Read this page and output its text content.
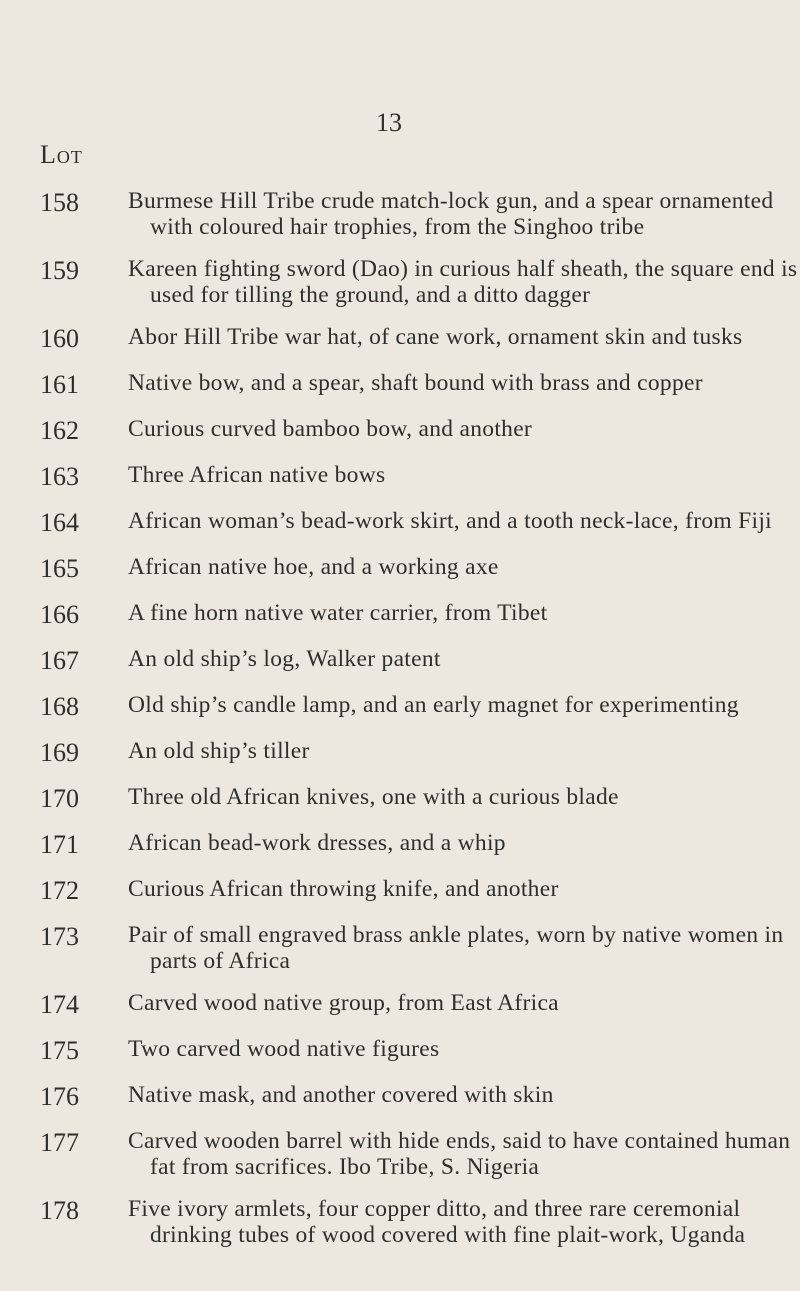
13
Lot
158 Burmese Hill Tribe crude match-lock gun, and a spear ornamented with coloured hair trophies, from the Singhoo tribe
159 Kareen fighting sword (Dao) in curious half sheath, the square end is used for tilling the ground, and a ditto dagger
160 Abor Hill Tribe war hat, of cane work, ornament skin and tusks
161 Native bow, and a spear, shaft bound with brass and copper
162 Curious curved bamboo bow, and another
163 Three African native bows
164 African woman’s bead-work skirt, and a tooth neck-lace, from Fiji
165 African native hoe, and a working axe
166 A fine horn native water carrier, from Tibet
167 An old ship’s log, Walker patent
168 Old ship’s candle lamp, and an early magnet for experimenting
169 An old ship’s tiller
170 Three old African knives, one with a curious blade
171 African bead-work dresses, and a whip
172 Curious African throwing knife, and another
173 Pair of small engraved brass ankle plates, worn by native women in parts of Africa
174 Carved wood native group, from East Africa
175 Two carved wood native figures
176 Native mask, and another covered with skin
177 Carved wooden barrel with hide ends, said to have contained human fat from sacrifices. Ibo Tribe, S. Nigeria
178 Five ivory armlets, four copper ditto, and three rare ceremonial drinking tubes of wood covered with fine plait-work, Uganda
